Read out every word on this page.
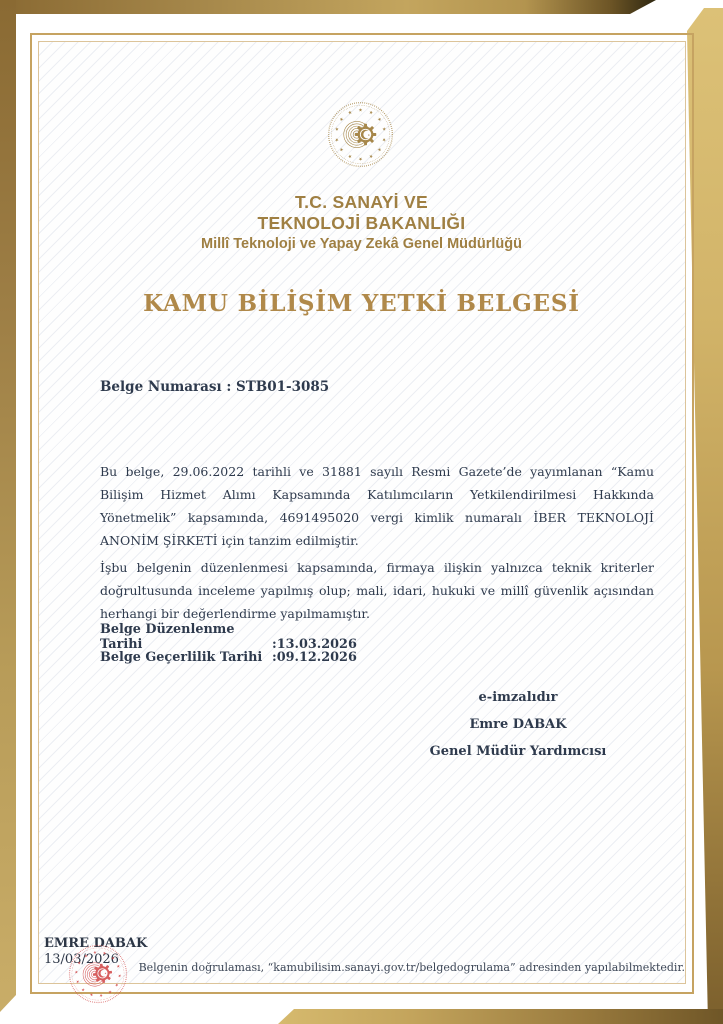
T.C. SANAYİ VE
TEKNOLOJİ BAKANLIĞI
Millî Teknoloji ve Yapay Zekâ Genel Müdürlüğü
KAMU BİLİŞİM YETKİ BELGESİ
Belge Numarası : STB01-3085

Bu belge, 29.06.2022 tarihli ve 31881 sayılı Resmi Gazete’de yayımlanan “Kamu Bilişim Hizmet Alımı Kapsamında Katılımcıların Yetkilendirilmesi Hakkında Yönetmelik” kapsamında, 4691495020 vergi kimlik numaralı İBER TEKNOLOJİ ANONİM ŞİRKETİ için tanzim edilmiştir.

İşbu belgenin düzenlenmesi kapsamında, firmaya ilişkin yalnızca teknik kriterler doğrultusunda inceleme yapılmış olup; mali, idari, hukuki ve millî güvenlik açısından herhangi bir değerlendirme yapılmamıştır.

Belge Düzenlenme Tarihi	:13.03.2026
Belge Geçerlilik Tarihi :09.12.2026
e-imzalıdır
Emre DABAK
Genel Müdür Yardımcısı
EMRE DABAK
13/03/2026
Belgenin doğrulaması, “kamubilisim.sanayi.gov.tr/belgedogrulama” adresinden yapılabilmektedir.
